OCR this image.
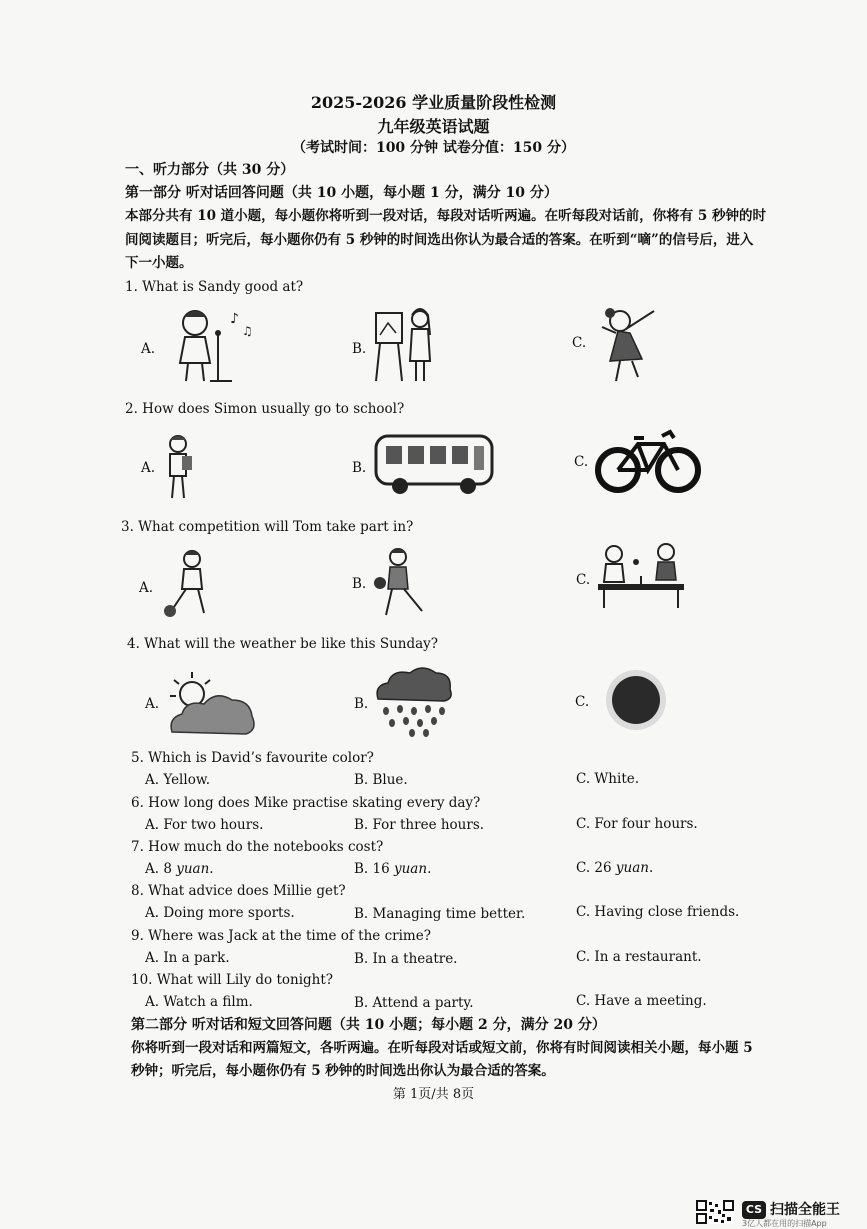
2025-2026 学业质量阶段性检测
九年级英语试题
（考试时间：100 分钟 试卷分值：150 分）
一、听力部分（共 30 分）
第一部分 听对话回答问题（共 10 小题，每小题 1 分，满分 10 分）
本部分共有 10 道小题，每小题你将听到一段对话，每段对话听两遍。在听每段对话前，你将有 5 秒钟的时
间阅读题目；听完后，每小题你仍有 5 秒钟的时间选出你认为最合适的答案。在听到“嘀”的信号后，进入
下一小题。
1. What is Sandy good at?
A.
♪
♫
B.	C.
2. How does Simon usually go to school?
A.	B.	C.
3. What competition will Tom take part in?
A.	B.	C.
4. What will the weather be like this Sunday?
A.	B.	C.
5. Which is David’s favourite color?
A. Yellow.	B. Blue.	C. White.
6. How long does Mike practise skating every day?
A. For two hours.	B. For three hours.	C. For four hours.
7. How much do the notebooks cost?
A. 8 yuan.	B. 16 yuan.	C. 26 yuan.
8. What advice does Millie get?
A. Doing more sports.	B. Managing time better.	C. Having close friends.
9. Where was Jack at the time of the crime?
A. In a park.	B. In a theatre.	C. In a restaurant.
10. What will Lily do tonight?
A. Watch a film.	B. Attend a party.	C. Have a meeting.
第二部分 听对话和短文回答问题（共 10 小题；每小题 2 分，满分 20 分）
你将听到一段对话和两篇短文，各听两遍。在听每段对话或短文前，你将有时间阅读相关小题，每小题 5
秒钟；听完后，每小题你仍有 5 秒钟的时间选出你认为最合适的答案。
第 1页/共 8页
CS 扫描全能王
3亿人都在用的扫描App
